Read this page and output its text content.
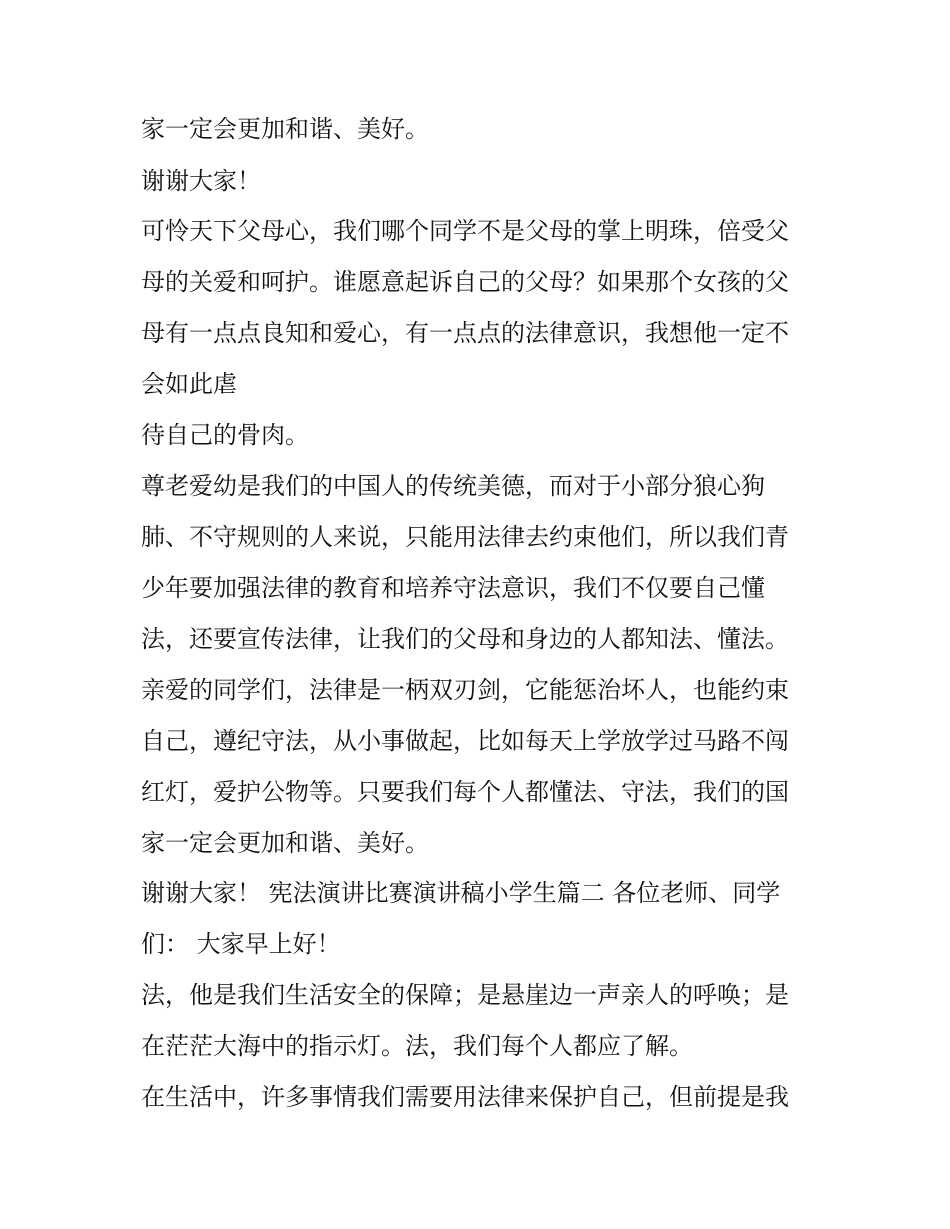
家一定会更加和谐、美好。

谢谢大家！

可怜天下父母心，我们哪个同学不是父母的掌上明珠，倍受父

母的关爱和呵护。谁愿意起诉自己的父母？如果那个女孩的父

母有一点点良知和爱心，有一点点的法律意识，我想他一定不

会如此虐

待自己的骨肉。

尊老爱幼是我们的中国人的传统美德，而对于小部分狼心狗

肺、不守规则的人来说，只能用法律去约束他们，所以我们青

少年要加强法律的教育和培养守法意识，我们不仅要自己懂

法，还要宣传法律，让我们的父母和身边的人都知法、懂法。

亲爱的同学们，法律是一柄双刃剑，它能惩治坏人，也能约束

自己，遵纪守法，从小事做起，比如每天上学放学过马路不闯

红灯，爱护公物等。只要我们每个人都懂法、守法，我们的国

家一定会更加和谐、美好。

谢谢大家！ 宪法演讲比赛演讲稿小学生篇二 各位老师、同学

们： 大家早上好！

法，他是我们生活安全的保障；是悬崖边一声亲人的呼唤；是

在茫茫大海中的指示灯。法，我们每个人都应了解。

在生活中，许多事情我们需要用法律来保护自己，但前提是我
